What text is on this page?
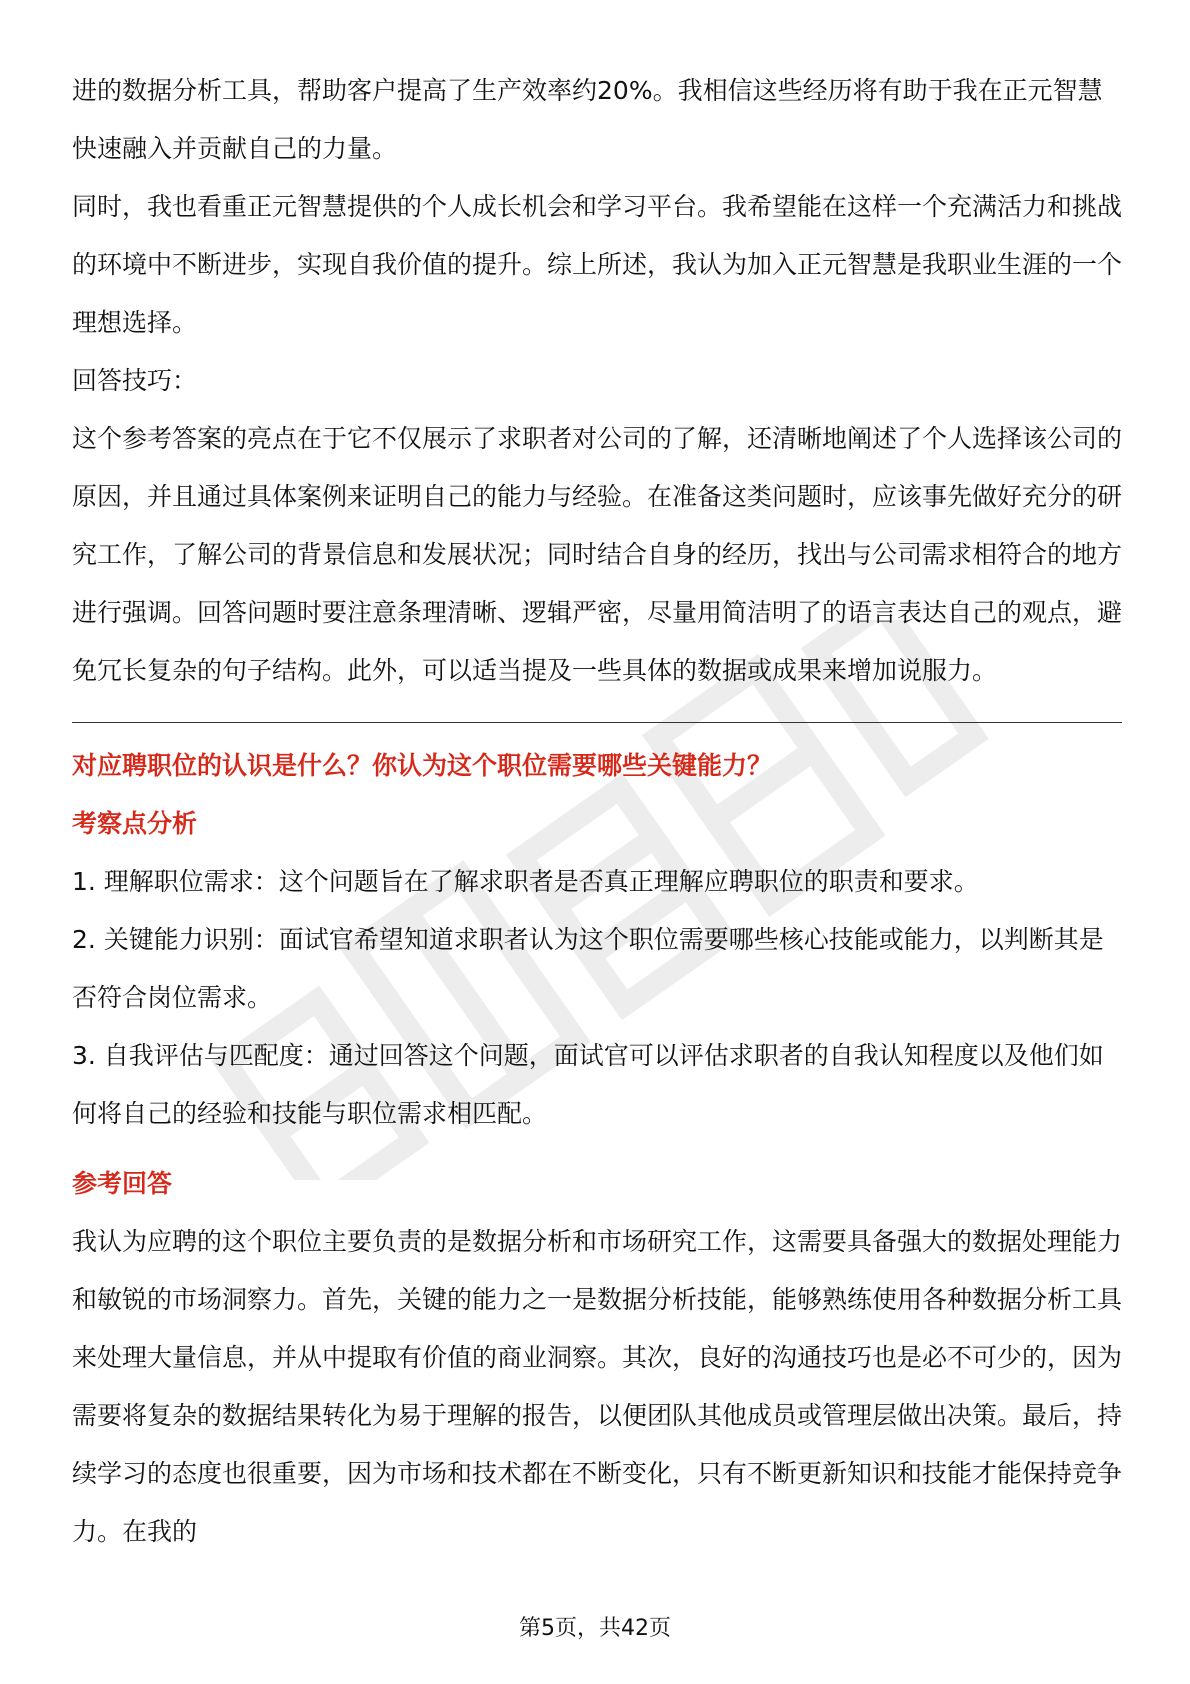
进的数据分析工具，帮助客户提高了生产效率约20%。我相信这些经历将有助于我在正元智慧快速融入并贡献自己的力量。

同时，我也看重正元智慧提供的个人成长机会和学习平台。我希望能在这样一个充满活力和挑战的环境中不断进步，实现自我价值的提升。综上所述，我认为加入正元智慧是我职业生涯的一个理想选择。

回答技巧：

这个参考答案的亮点在于它不仅展示了求职者对公司的了解，还清晰地阐述了个人选择该公司的原因，并且通过具体案例来证明自己的能力与经验。在准备这类问题时，应该事先做好充分的研究工作，了解公司的背景信息和发展状况；同时结合自身的经历，找出与公司需求相符合的地方进行强调。回答问题时要注意条理清晰、逻辑严密，尽量用简洁明了的语言表达自己的观点，避免冗长复杂的句子结构。此外，可以适当提及一些具体的数据或成果来增加说服力。

对应聘职位的认识是什么？你认为这个职位需要哪些关键能力？

考察点分析

1. 理解职位需求：这个问题旨在了解求职者是否真正理解应聘职位的职责和要求。

2. 关键能力识别：面试官希望知道求职者认为这个职位需要哪些核心技能或能力，以判断其是否符合岗位需求。

3. 自我评估与匹配度：通过回答这个问题，面试官可以评估求职者的自我认知程度以及他们如何将自己的经验和技能与职位需求相匹配。

参考回答

我认为应聘的这个职位主要负责的是数据分析和市场研究工作，这需要具备强大的数据处理能力和敏锐的市场洞察力。首先，关键的能力之一是数据分析技能，能够熟练使用各种数据分析工具来处理大量信息，并从中提取有价值的商业洞察。其次，良好的沟通技巧也是必不可少的，因为需要将复杂的数据结果转化为易于理解的报告，以便团队其他成员或管理层做出决策。最后，持续学习的态度也很重要，因为市场和技术都在不断变化，只有不断更新知识和技能才能保持竞争力。在我的

第5页，共42页
